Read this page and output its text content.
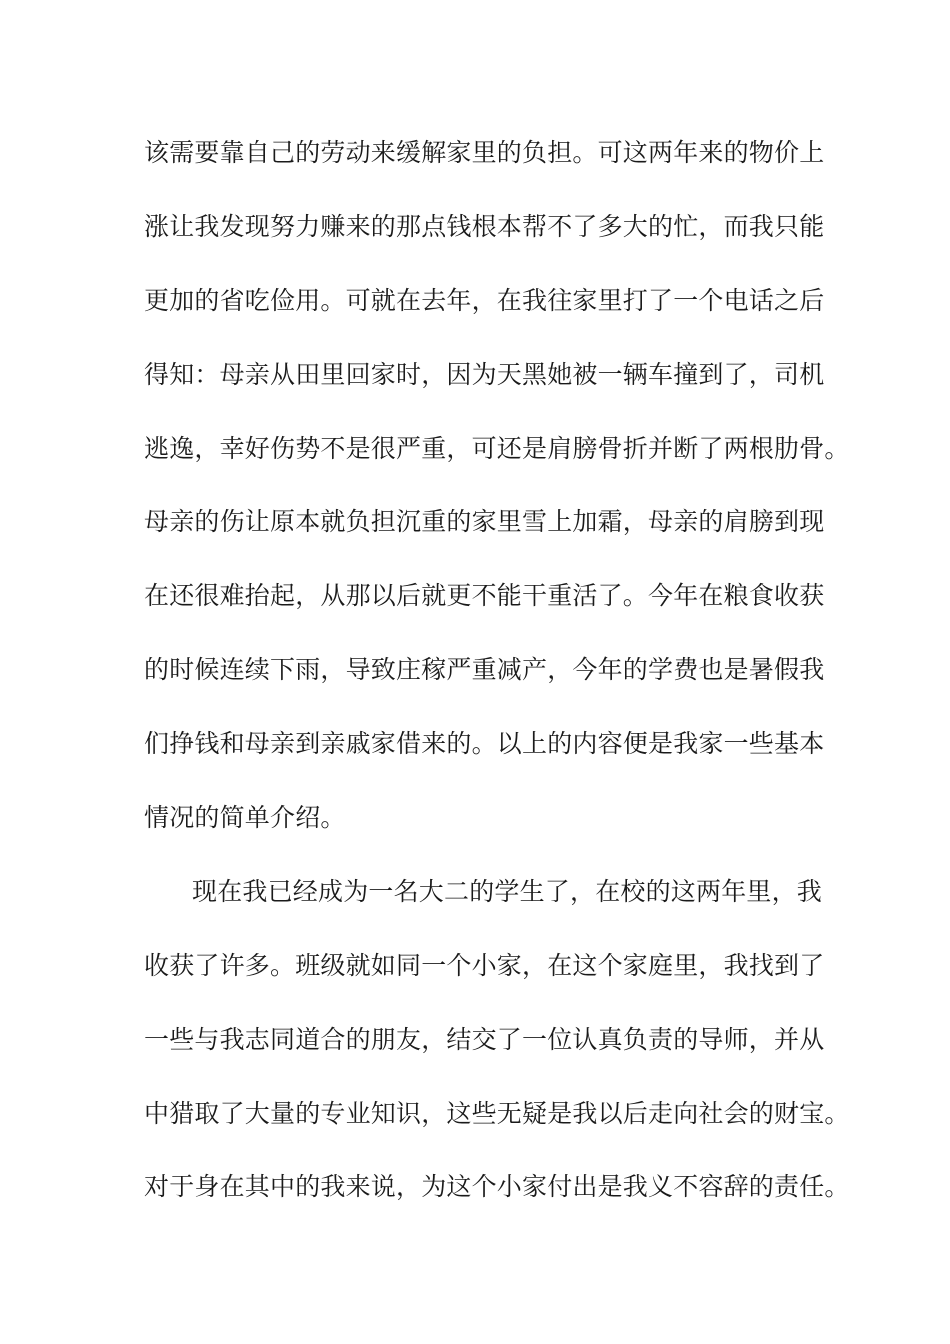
该需要靠自己的劳动来缓解家里的负担。可这两年来的物价上
涨让我发现努力赚来的那点钱根本帮不了多大的忙，而我只能
更加的省吃俭用。可就在去年，在我往家里打了一个电话之后
得知：母亲从田里回家时，因为天黑她被一辆车撞到了，司机
逃逸，幸好伤势不是很严重，可还是肩膀骨折并断了两根肋骨。
母亲的伤让原本就负担沉重的家里雪上加霜，母亲的肩膀到现
在还很难抬起，从那以后就更不能干重活了。今年在粮食收获
的时候连续下雨，导致庄稼严重减产，今年的学费也是暑假我
们挣钱和母亲到亲戚家借来的。以上的内容便是我家一些基本
情况的简单介绍。
现在我已经成为一名大二的学生了，在校的这两年里，我
收获了许多。班级就如同一个小家，在这个家庭里，我找到了
一些与我志同道合的朋友，结交了一位认真负责的导师，并从
中猎取了大量的专业知识，这些无疑是我以后走向社会的财宝。
对于身在其中的我来说，为这个小家付出是我义不容辞的责任。
